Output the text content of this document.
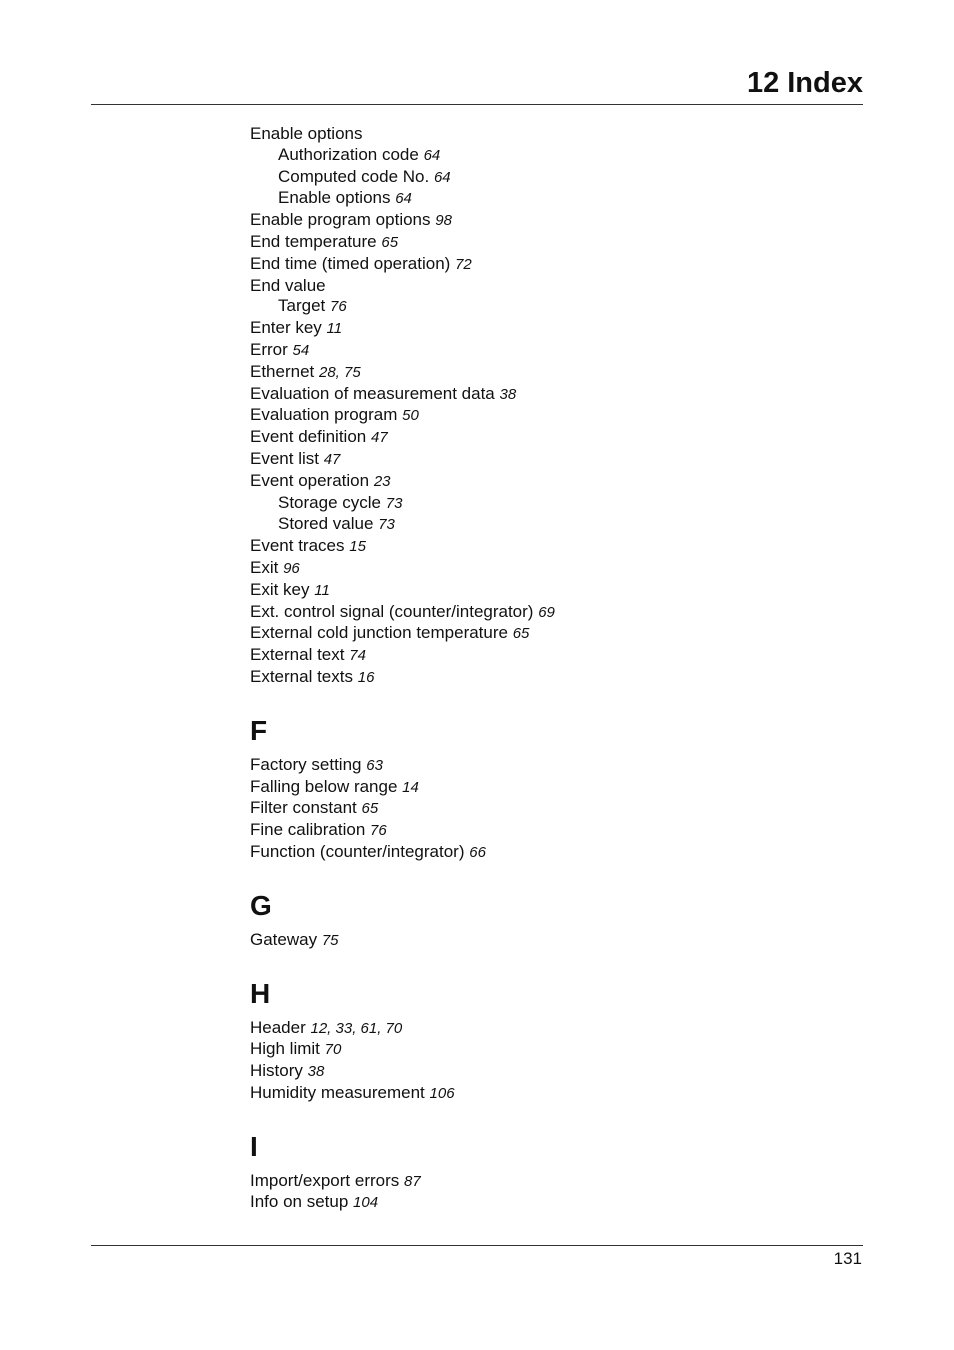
12 Index
Enable options
Authorization code 64
Computed code No. 64
Enable options 64
Enable program options 98
End temperature 65
End time (timed operation) 72
End value
Target 76
Enter key 11
Error 54
Ethernet 28, 75
Evaluation of measurement data 38
Evaluation program 50
Event definition 47
Event list 47
Event operation 23
Storage cycle 73
Stored value 73
Event traces 15
Exit 96
Exit key 11
Ext. control signal (counter/integrator) 69
External cold junction temperature 65
External text 74
External texts 16
F
Factory setting 63
Falling below range 14
Filter constant 65
Fine calibration 76
Function (counter/integrator) 66
G
Gateway 75
H
Header 12, 33, 61, 70
High limit 70
History 38
Humidity measurement 106
I
Import/export errors 87
Info on setup 104
131
